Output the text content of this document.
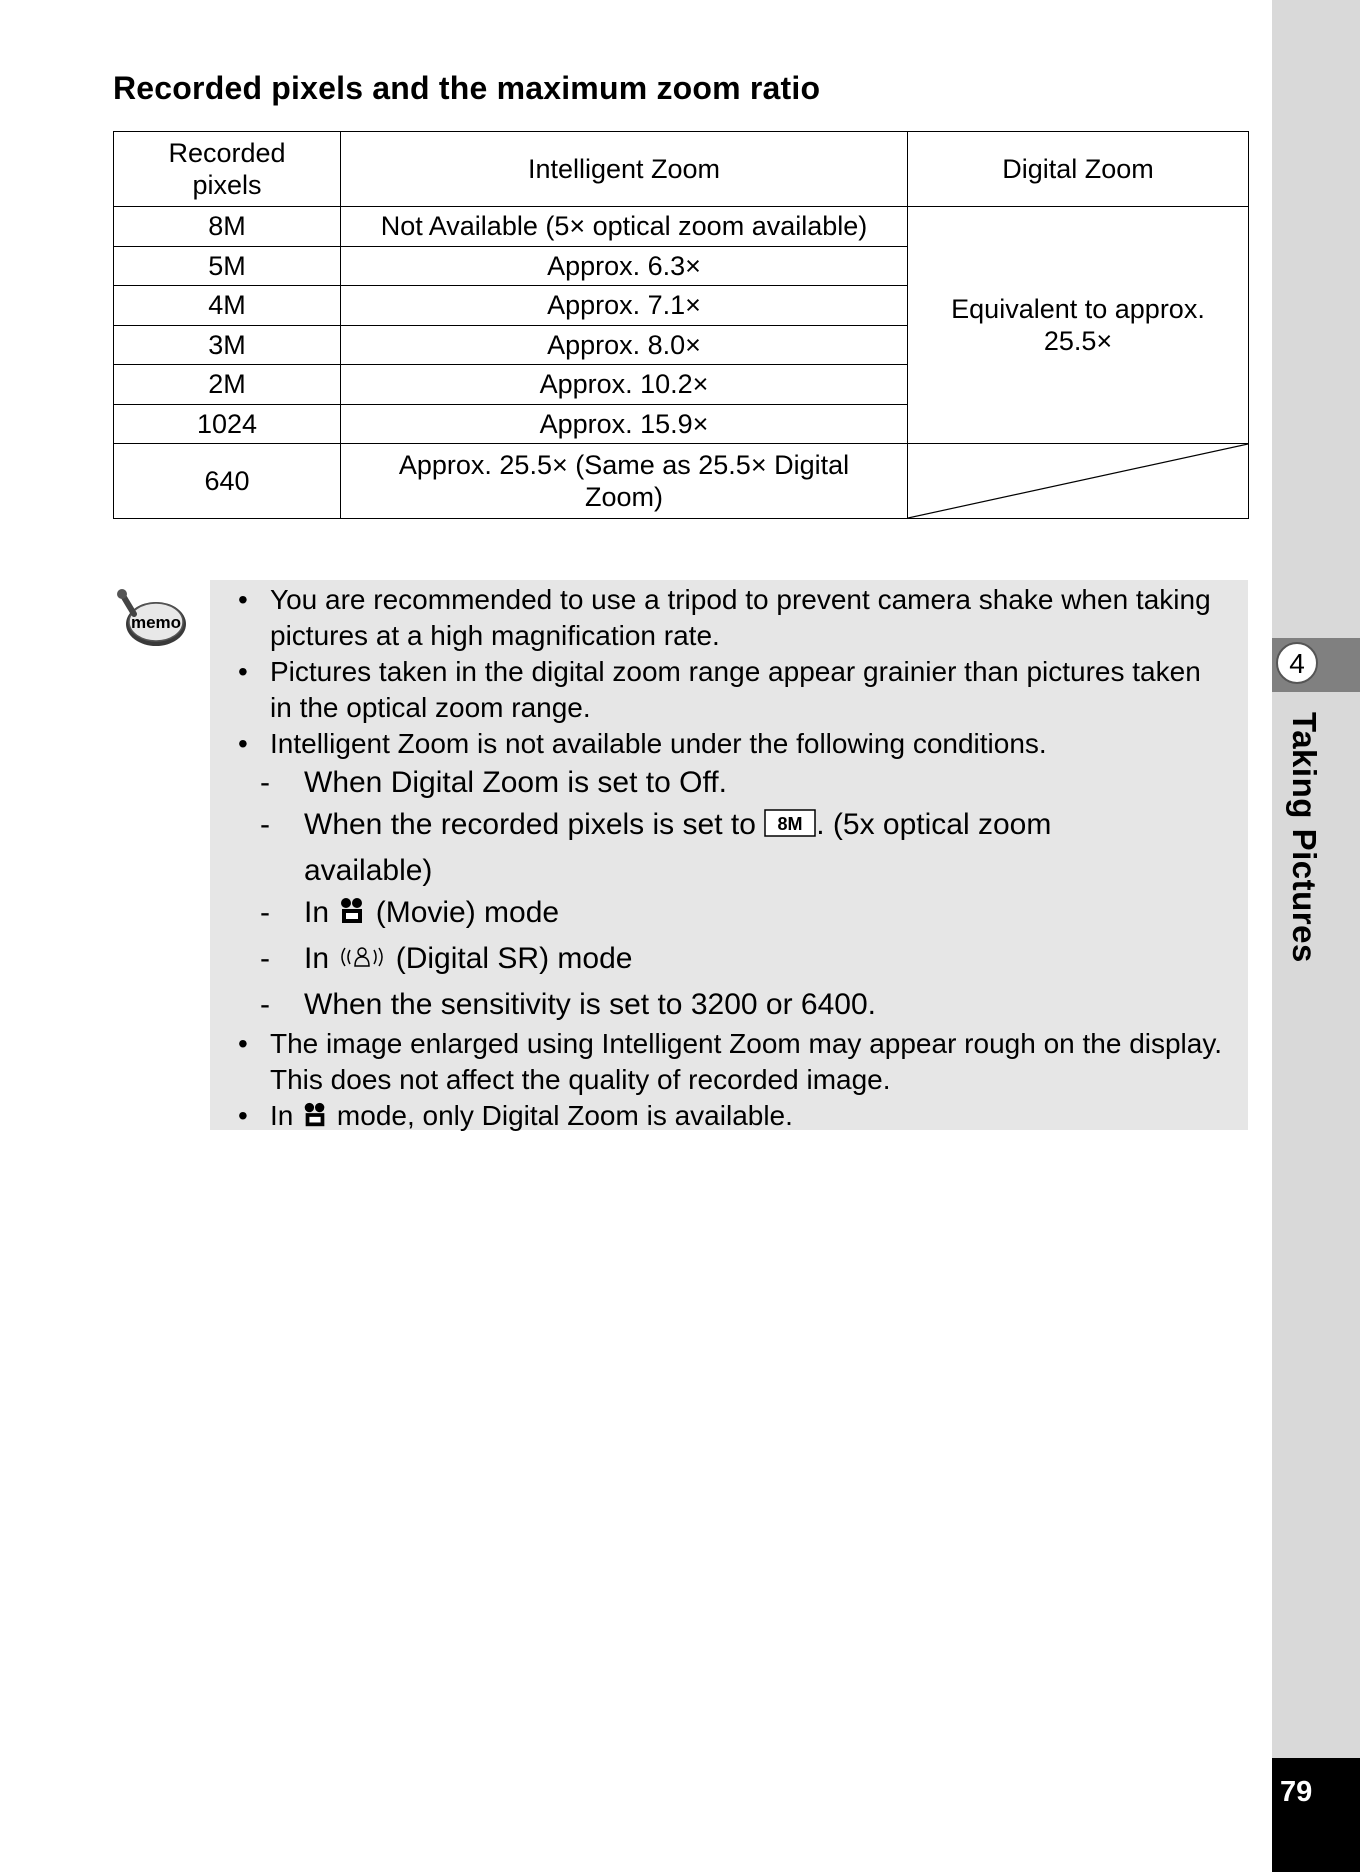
Recorded pixels and the maximum zoom ratio
Recorded pixels	Intelligent Zoom	Digital Zoom
8M	Not Available (5× optical zoom available)	Equivalent to approx. 25.5×
5M	Approx. 6.3×	
4M	Approx. 7.1×	
3M	Approx. 8.0×	
2M	Approx. 10.2×	
1024	Approx. 15.9×	
640	Approx. 25.5× (Same as 25.5× Digital Zoom)	
memo
• You are recommended to use a tripod to prevent camera shake when taking pictures at a high magnification rate.
• Pictures taken in the digital zoom range appear grainier than pictures taken in the optical zoom range.
• Intelligent Zoom is not available under the following conditions.
- When Digital Zoom is set to Off.
- When the recorded pixels is set to 8M . (5x optical zoom
available)
- In (Movie) mode
- In (Digital SR) mode
- When the sensitivity is set to 3200 or 6400.
• The image enlarged using Intelligent Zoom may appear rough on the display. This does not affect the quality of recorded image.
• In mode, only Digital Zoom is available.
4
Taking Pictures
79
